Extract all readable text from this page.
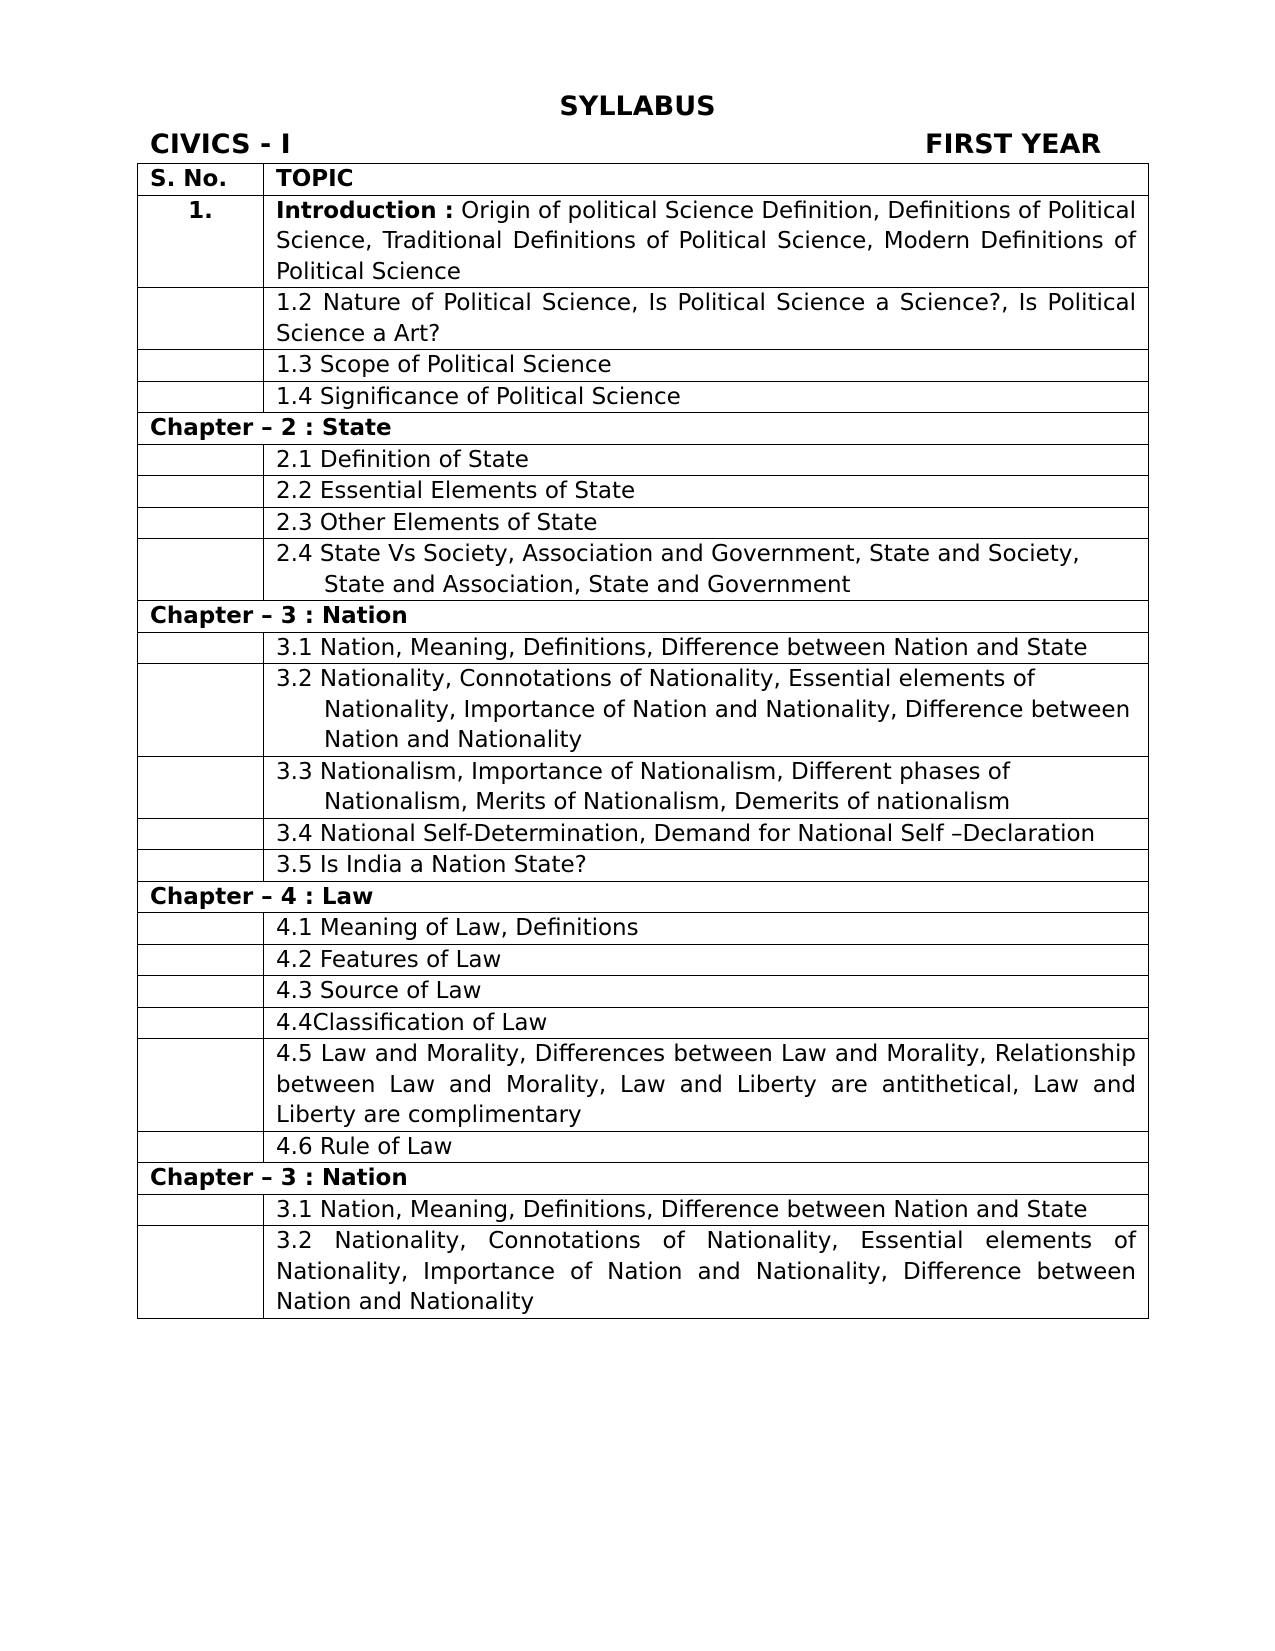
SYLLABUS
CIVICS - I	FIRST YEAR
S. No.	TOPIC
1.	Introduction : Origin of political Science Definition, Definitions of Political Science, Traditional Definitions of Political Science, Modern Definitions of Political Science
	1.2 Nature of Political Science, Is Political Science a Science?, Is Political Science a Art?
	1.3 Scope of Political Science
	1.4 Significance of Political Science
Chapter – 2 : State	
	2.1 Definition of State
	2.2 Essential Elements of State
	2.3 Other Elements of State

	2.4 State Vs Society, Association and Government, State and Society, State and Association, State and Government

Chapter – 3 : Nation	
	3.1 Nation, Meaning, Definitions, Difference between Nation and State

	3.2 Nationality, Connotations of Nationality, Essential elements of Nationality, Importance of Nation and Nationality, Difference between Nation and Nationality

	3.3 Nationalism, Importance of Nationalism, Different phases of Nationalism, Merits of Nationalism, Demerits of nationalism

	3.4 National Self-Determination, Demand for National Self –Declaration
	3.5 Is India a Nation State?
Chapter – 4 : Law	
	4.1 Meaning of Law, Definitions
	4.2 Features of Law
	4.3 Source of Law
	4.4Classification of Law
	4.5 Law and Morality, Differences between Law and Morality, Relationship between Law and Morality, Law and Liberty are antithetical, Law and Liberty are complimentary
	4.6 Rule of Law
Chapter – 3 : Nation	
	3.1 Nation, Meaning, Definitions, Difference between Nation and State
	3.2 Nationality, Connotations of Nationality, Essential elements of Nationality, Importance of Nation and Nationality, Difference between Nation and Nationality
